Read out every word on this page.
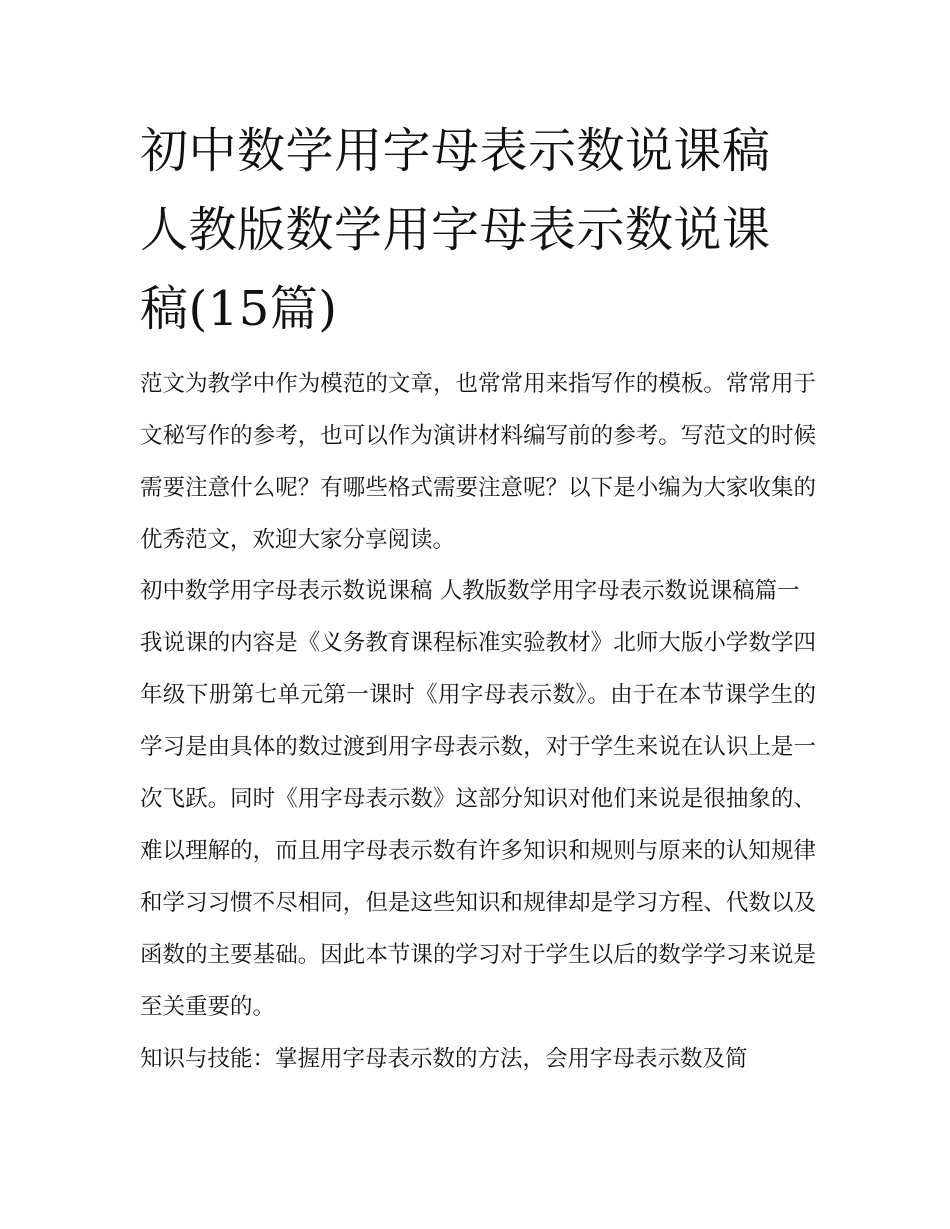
初中数学用字母表示数说课稿 人教版数学用字母表示数说课稿(15篇)

范文为教学中作为模范的文章，也常常用来指写作的模板。常常用于文秘写作的参考，也可以作为演讲材料编写前的参考。写范文的时候需要注意什么呢？有哪些格式需要注意呢？以下是小编为大家收集的优秀范文，欢迎大家分享阅读。

初中数学用字母表示数说课稿 人教版数学用字母表示数说课稿篇一

我说课的内容是《义务教育课程标准实验教材》北师大版小学数学四年级下册第七单元第一课时《用字母表示数》。由于在本节课学生的学习是由具体的数过渡到用字母表示数，对于学生来说在认识上是一次飞跃。同时《用字母表示数》这部分知识对他们来说是很抽象的、难以理解的，而且用字母表示数有许多知识和规则与原来的认知规律和学习习惯不尽相同，但是这些知识和规律却是学习方程、代数以及函数的主要基础。因此本节课的学习对于学生以后的数学学习来说是至关重要的。

知识与技能：掌握用字母表示数的方法，会用字母表示数及简
